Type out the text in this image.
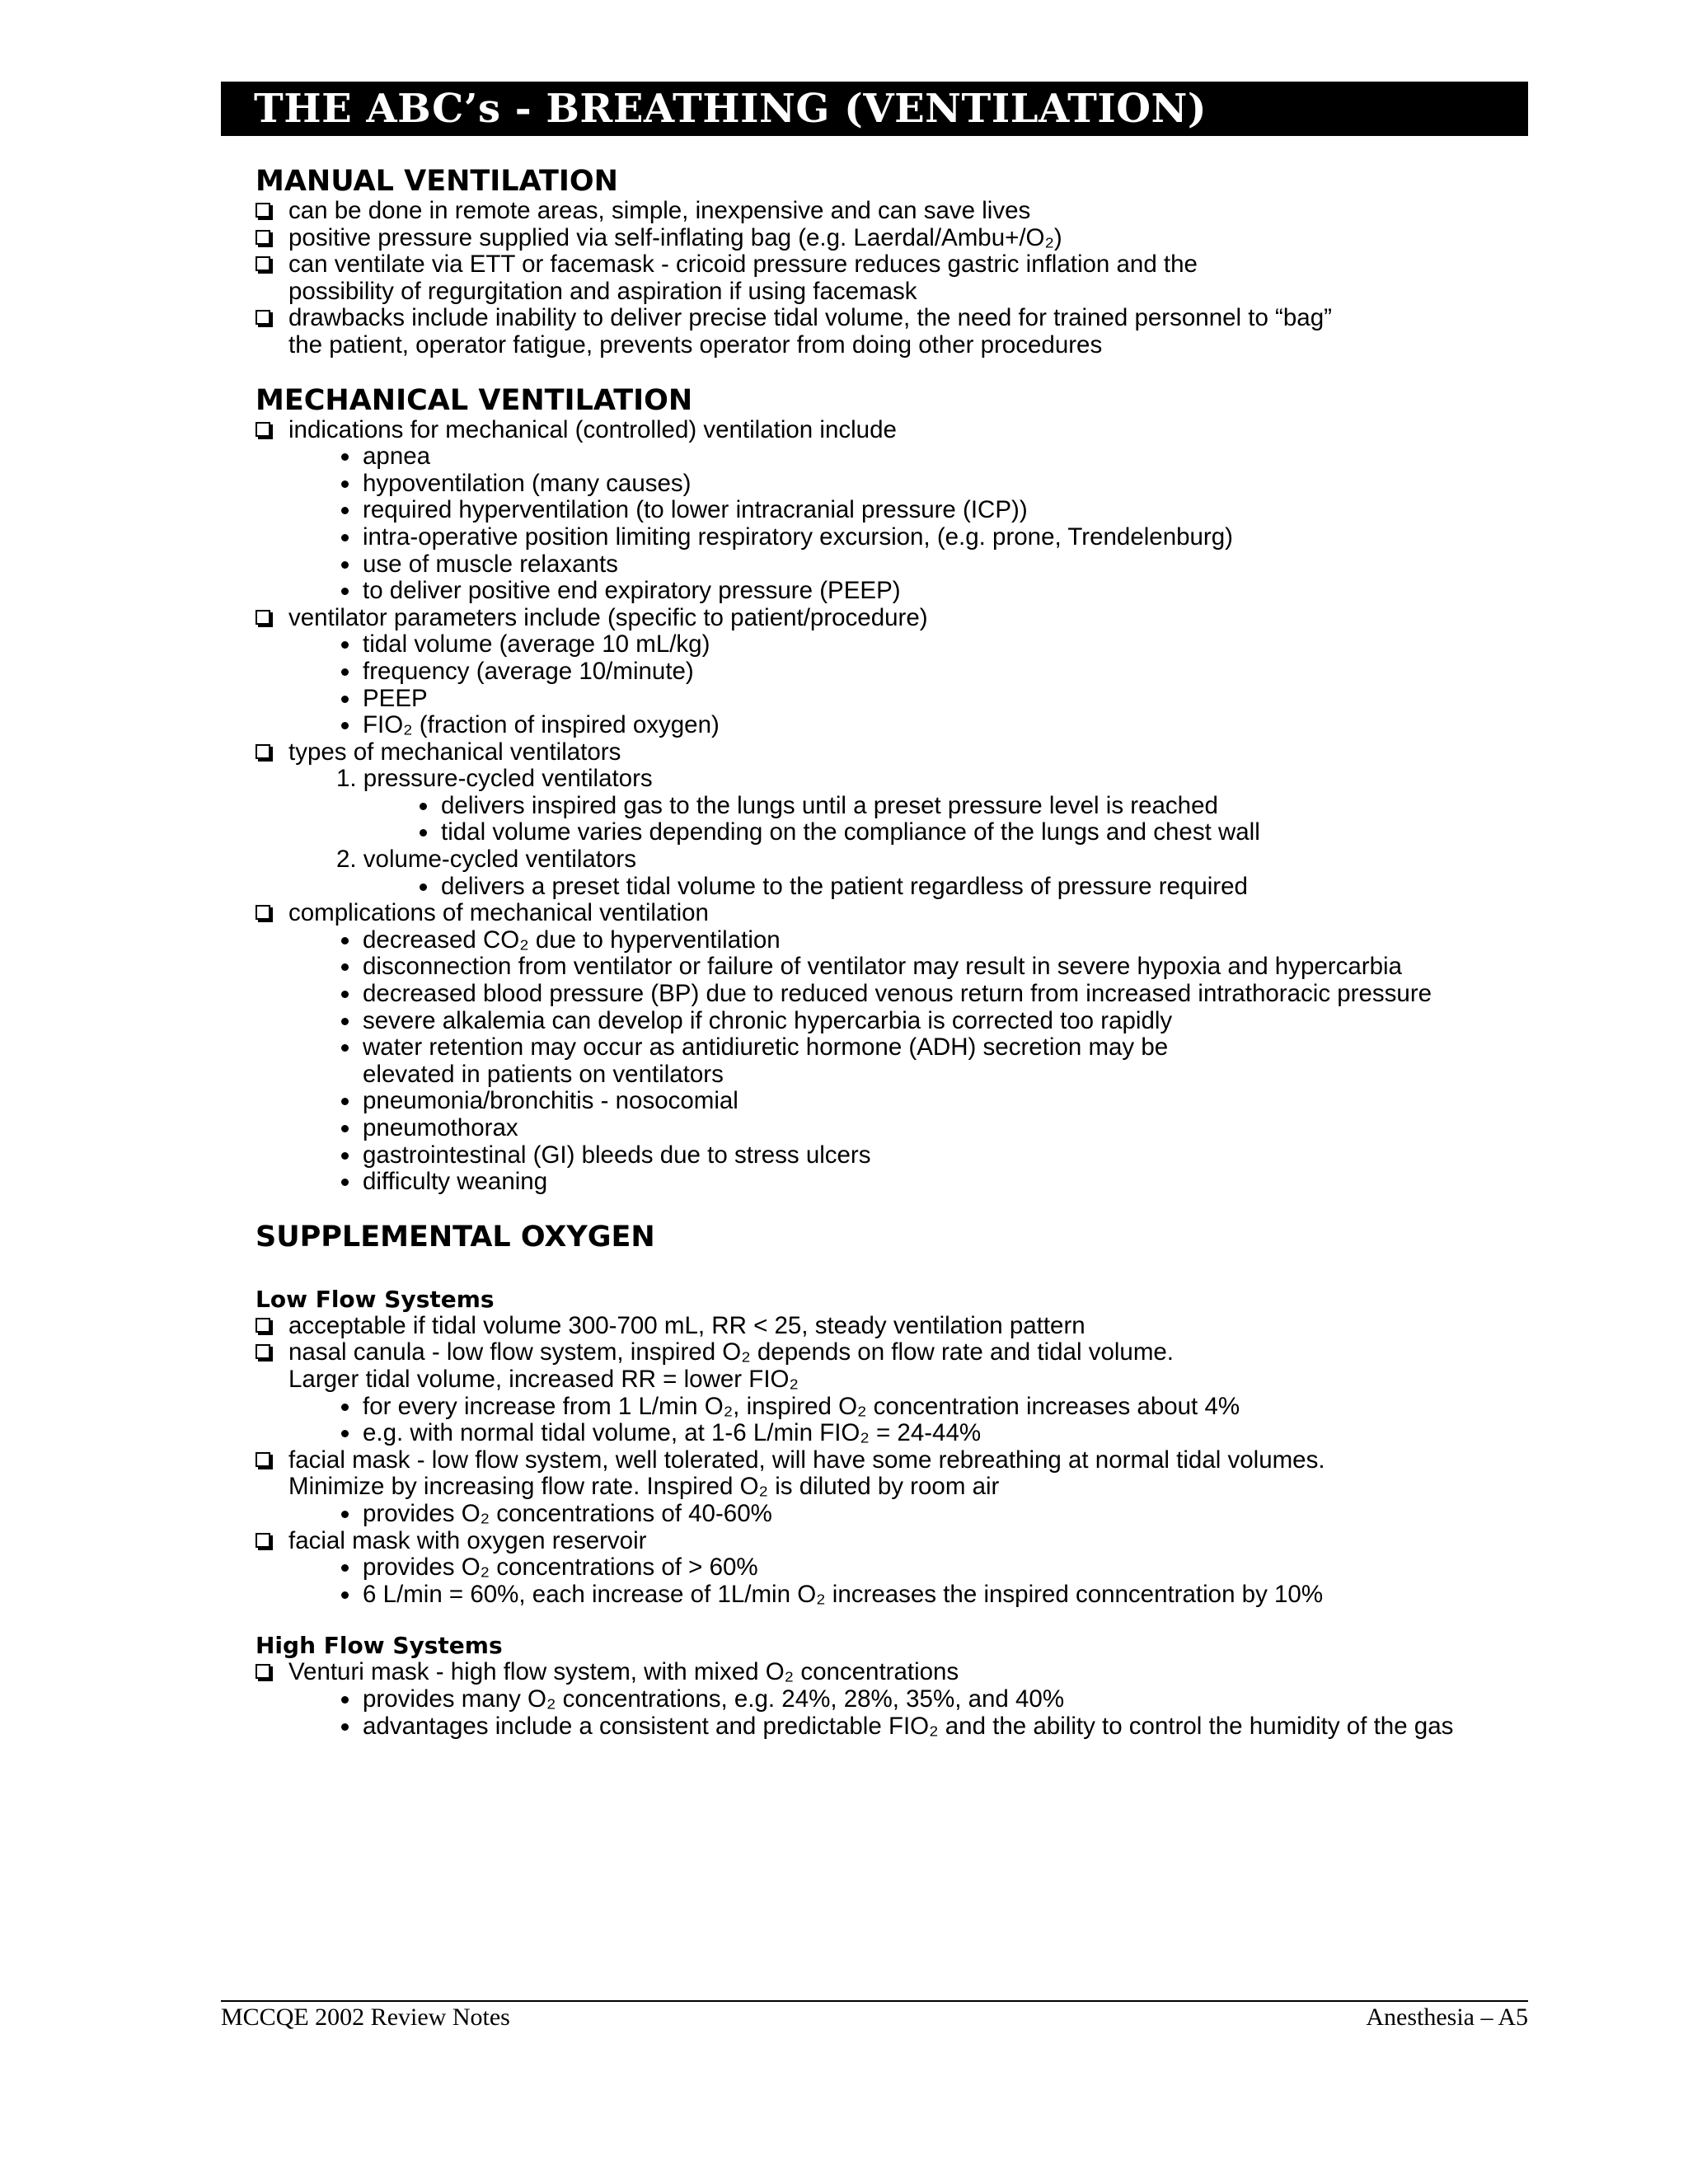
THE ABC’s - BREATHING (VENTILATION)
MANUAL VENTILATION
can be done in remote areas, simple, inexpensive and can save lives
positive pressure supplied via self-inflating bag (e.g. Laerdal/Ambu+/O₂)
can ventilate via ETT or facemask - cricoid pressure reduces gastric inflation and the
possibility of regurgitation and aspiration if using facemask
drawbacks include inability to deliver precise tidal volume, the need for trained personnel to “bag”
the patient, operator fatigue, prevents operator from doing other procedures
MECHANICAL VENTILATION
indications for mechanical (controlled) ventilation include
apnea
hypoventilation (many causes)
required hyperventilation (to lower intracranial pressure (ICP))
intra-operative position limiting respiratory excursion, (e.g. prone, Trendelenburg)
use of muscle relaxants
to deliver positive end expiratory pressure (PEEP)
ventilator parameters include (specific to patient/procedure)
tidal volume (average 10 mL/kg)
frequency (average 10/minute)
PEEP
FIO₂ (fraction of inspired oxygen)
types of mechanical ventilators
1. pressure-cycled ventilators
delivers inspired gas to the lungs until a preset pressure level is reached
tidal volume varies depending on the compliance of the lungs and chest wall
2. volume-cycled ventilators
delivers a preset tidal volume to the patient regardless of pressure required
complications of mechanical ventilation
decreased CO₂ due to hyperventilation
disconnection from ventilator or failure of ventilator may result in severe hypoxia and hypercarbia
decreased blood pressure (BP) due to reduced venous return from increased intrathoracic pressure
severe alkalemia can develop if chronic hypercarbia is corrected too rapidly
water retention may occur as antidiuretic hormone (ADH) secretion may be
elevated in patients on ventilators
pneumonia/bronchitis - nosocomial
pneumothorax
gastrointestinal (GI) bleeds due to stress ulcers
difficulty weaning
SUPPLEMENTAL OXYGEN
Low Flow Systems
acceptable if tidal volume 300-700 mL, RR < 25, steady ventilation pattern
nasal canula - low flow system, inspired O₂ depends on flow rate and tidal volume.
Larger tidal volume, increased RR = lower FIO₂
for every increase from 1 L/min O₂, inspired O₂ concentration increases about 4%
e.g. with normal tidal volume, at 1-6 L/min FIO₂ = 24-44%
facial mask - low flow system, well tolerated, will have some rebreathing at normal tidal volumes.
Minimize by increasing flow rate. Inspired O₂ is diluted by room air
provides O₂ concentrations of 40-60%
facial mask with oxygen reservoir
provides O₂ concentrations of > 60%
6 L/min = 60%, each increase of 1L/min O₂ increases the inspired conncentration by 10%
High Flow Systems
Venturi mask - high flow system, with mixed O₂ concentrations
provides many O₂ concentrations, e.g. 24%, 28%, 35%, and 40%
advantages include a consistent and predictable FIO₂ and the ability to control the humidity of the gas
MCCQE 2002 Review Notes	Anesthesia – A5
